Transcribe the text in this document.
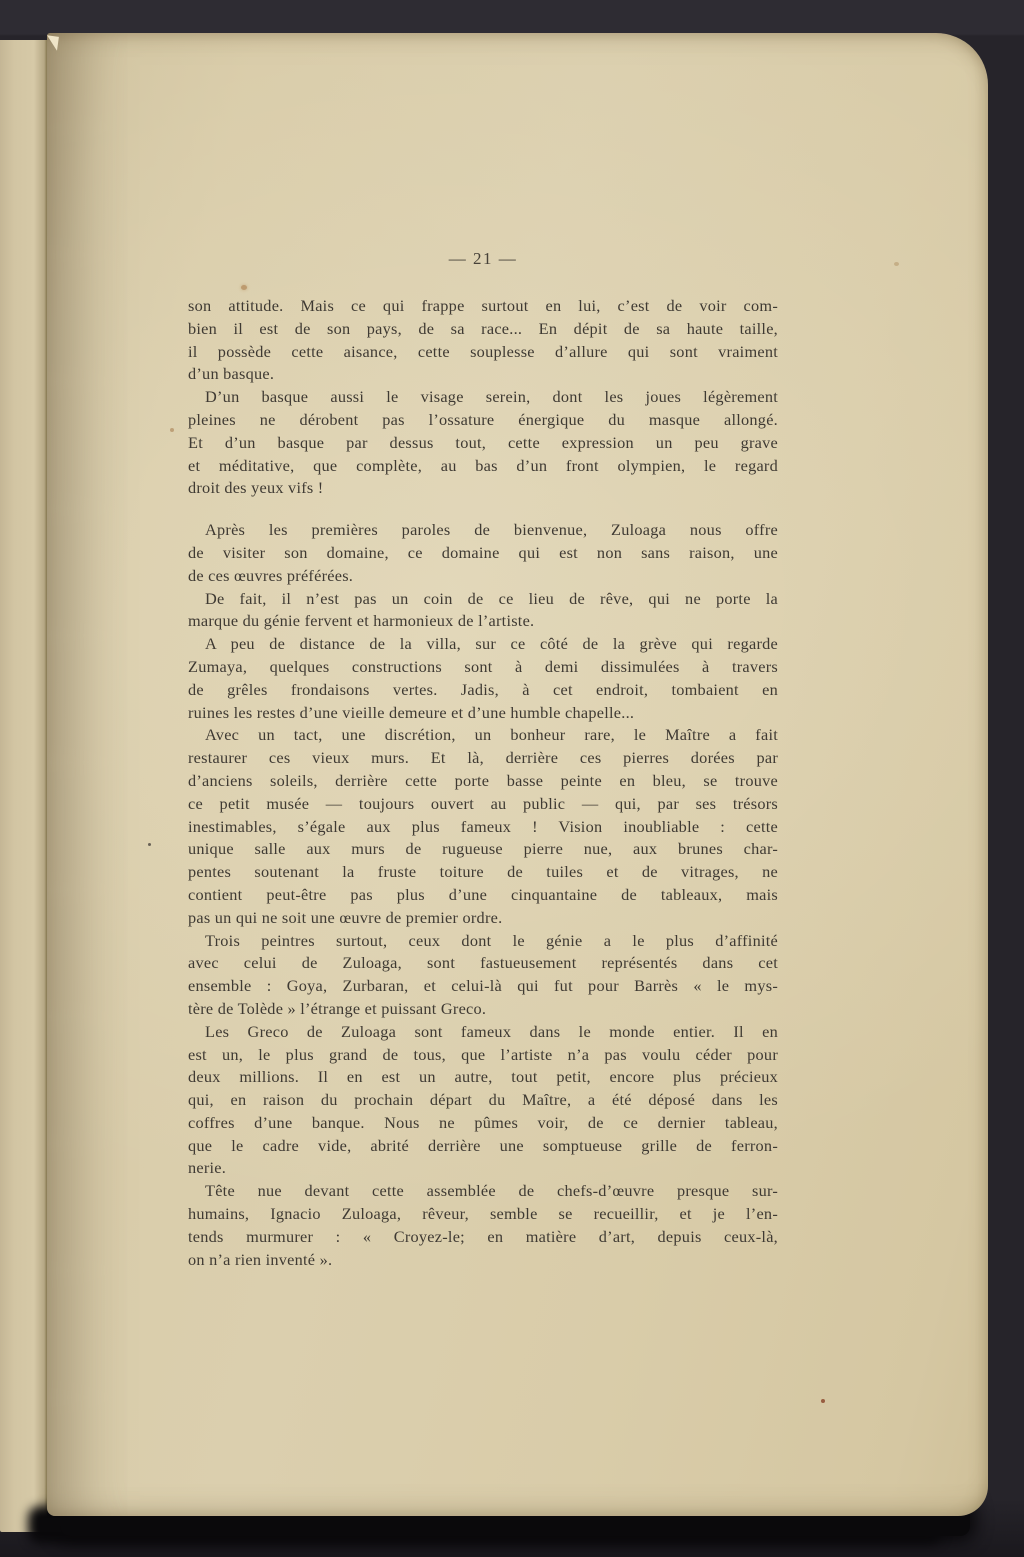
— 21 —
son attitude. Mais ce qui frappe surtout en lui, c’est de voir com-
bien il est de son pays, de sa race... En dépit de sa haute taille,
il possède cette aisance, cette souplesse d’allure qui sont vraiment
d’un basque.
D’un basque aussi le visage serein, dont les joues légèrement
pleines ne dérobent pas l’ossature énergique du masque allongé.
Et d’un basque par dessus tout, cette expression un peu grave
et méditative, que complète, au bas d’un front olympien, le regard
droit des yeux vifs !
Après les premières paroles de bienvenue, Zuloaga nous offre
de visiter son domaine, ce domaine qui est non sans raison, une
de ces œuvres préférées.
De fait, il n’est pas un coin de ce lieu de rêve, qui ne porte la
marque du génie fervent et harmonieux de l’artiste.
A peu de distance de la villa, sur ce côté de la grève qui regarde
Zumaya, quelques constructions sont à demi dissimulées à travers
de grêles frondaisons vertes. Jadis, à cet endroit, tombaient en
ruines les restes d’une vieille demeure et d’une humble chapelle...
Avec un tact, une discrétion, un bonheur rare, le Maître a fait
restaurer ces vieux murs. Et là, derrière ces pierres dorées par
d’anciens soleils, derrière cette porte basse peinte en bleu, se trouve
ce petit musée — toujours ouvert au public — qui, par ses trésors
inestimables, s’égale aux plus fameux ! Vision inoubliable : cette
unique salle aux murs de rugueuse pierre nue, aux brunes char-
pentes soutenant la fruste toiture de tuiles et de vitrages, ne
contient peut-être pas plus d’une cinquantaine de tableaux, mais
pas un qui ne soit une œuvre de premier ordre.
Trois peintres surtout, ceux dont le génie a le plus d’affinité
avec celui de Zuloaga, sont fastueusement représentés dans cet
ensemble : Goya, Zurbaran, et celui-là qui fut pour Barrès « le mys-
tère de Tolède » l’étrange et puissant Greco.
Les Greco de Zuloaga sont fameux dans le monde entier. Il en
est un, le plus grand de tous, que l’artiste n’a pas voulu céder pour
deux millions. Il en est un autre, tout petit, encore plus précieux
qui, en raison du prochain départ du Maître, a été déposé dans les
coffres d’une banque. Nous ne pûmes voir, de ce dernier tableau,
que le cadre vide, abrité derrière une somptueuse grille de ferron-
nerie.
Tête nue devant cette assemblée de chefs-d’œuvre presque sur-
humains, Ignacio Zuloaga, rêveur, semble se recueillir, et je l’en-
tends murmurer : « Croyez-le; en matière d’art, depuis ceux-là,
on n’a rien inventé ».
